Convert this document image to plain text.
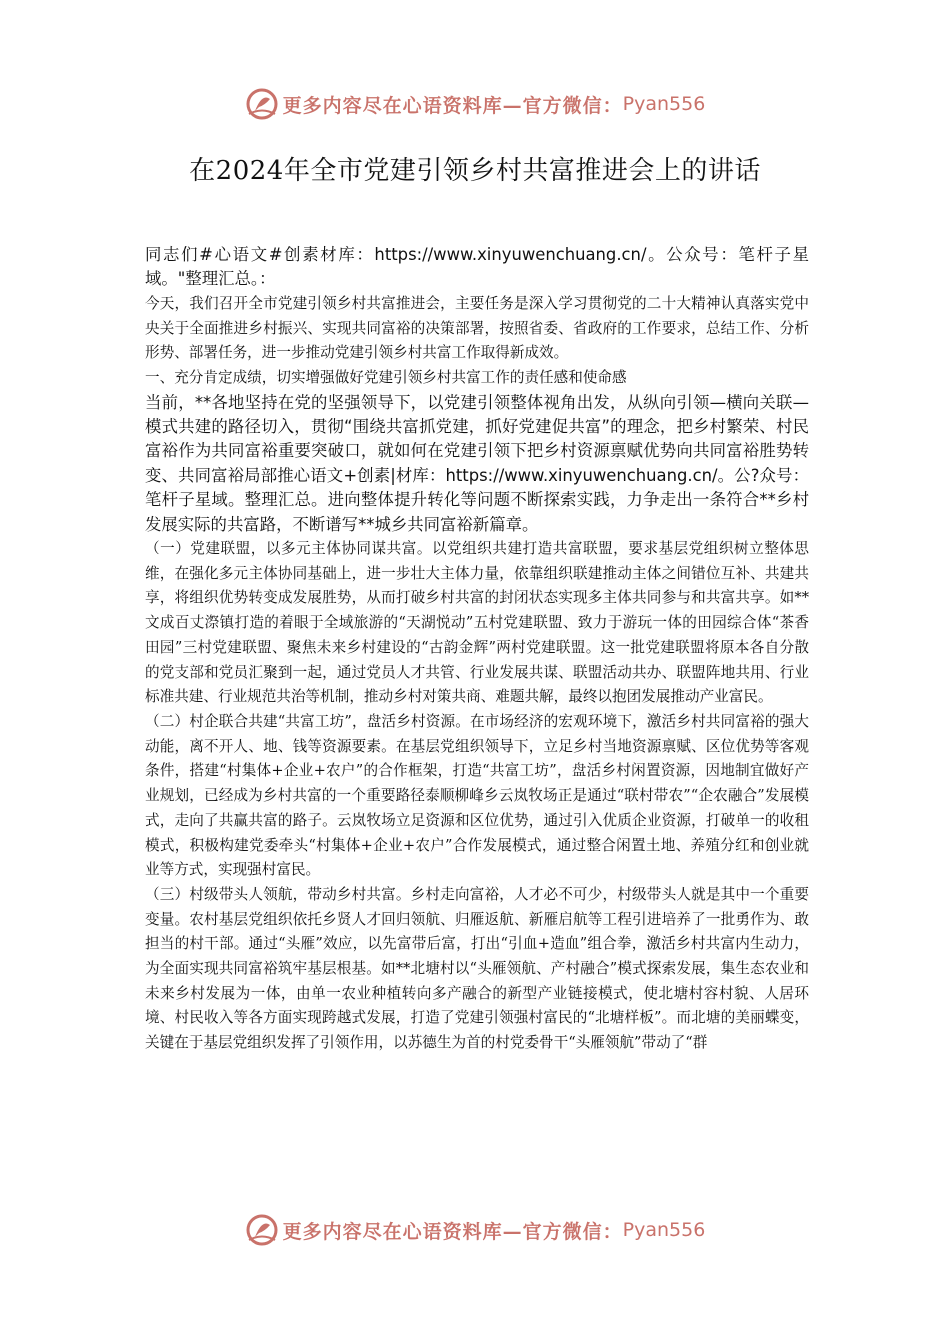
更多内容尽在心语资料库—官方微信： Pyan556
在2024年全市党建引领乡村共富推进会上的讲话

同志们#心语文#创素材库：https://www.xinyuwenchuang.cn/。公众号：笔杆子星域。"整理汇总。：

今天，我们召开全市党建引领乡村共富推进会，主要任务是深入学习贯彻党的二十大精神认真落实党中央关于全面推进乡村振兴、实现共同富裕的决策部署，按照省委、省政府的工作要求，总结工作、分析形势、部署任务，进一步推动党建引领乡村共富工作取得新成效。

一、充分肯定成绩，切实增强做好党建引领乡村共富工作的责任感和使命感

当前，**各地坚持在党的坚强领导下，以党建引领整体视角出发，从纵向引领—横向关联—模式共建的路径切入，贯彻“围绕共富抓党建，抓好党建促共富”的理念，把乡村繁荣、村民富裕作为共同富裕重要突破口，就如何在党建引领下把乡村资源禀赋优势向共同富裕胜势转变、共同富裕局部推心语文+创素|材库：https://www.xinyuwenchuang.cn/。公?众号：笔杆子星域。整理汇总。进向整体提升转化等问题不断探索实践，力争走出一条符合**乡村发展实际的共富路，不断谱写**城乡共同富裕新篇章。

（一）党建联盟，以多元主体协同谋共富。以党组织共建打造共富联盟，要求基层党组织树立整体思维，在强化多元主体协同基础上，进一步壮大主体力量，依靠组织联建推动主体之间错位互补、共建共享，将组织优势转变成发展胜势，从而打破乡村共富的封闭状态实现多主体共同参与和共富共享。如**文成百丈漈镇打造的着眼于全域旅游的“天湖悦动”五村党建联盟、致力于游玩一体的田园综合体“茶香田园”三村党建联盟、聚焦未来乡村建设的“古韵金辉”两村党建联盟。这一批党建联盟将原本各自分散的党支部和党员汇聚到一起，通过党员人才共管、行业发展共谋、联盟活动共办、联盟阵地共用、行业标准共建、行业规范共治等机制，推动乡村对策共商、难题共解，最终以抱团发展推动产业富民。

（二）村企联合共建“共富工坊”，盘活乡村资源。在市场经济的宏观环境下，激活乡村共同富裕的强大动能，离不开人、地、钱等资源要素。在基层党组织领导下，立足乡村当地资源禀赋、区位优势等客观条件，搭建“村集体+企业+农户”的合作框架，打造“共富工坊”，盘活乡村闲置资源，因地制宜做好产业规划，已经成为乡村共富的一个重要路径泰顺柳峰乡云岚牧场正是通过“联村带农”“企农融合”发展模式，走向了共赢共富的路子。云岚牧场立足资源和区位优势，通过引入优质企业资源，打破单一的收租模式，积极构建党委牵头“村集体+企业+农户”合作发展模式，通过整合闲置土地、养殖分红和创业就业等方式，实现强村富民。

（三）村级带头人领航，带动乡村共富。乡村走向富裕，人才必不可少，村级带头人就是其中一个重要变量。农村基层党组织依托乡贤人才回归领航、归雁返航、新雁启航等工程引进培养了一批勇作为、敢担当的村干部。通过“头雁”效应，以先富带后富，打出“引血+造血”组合拳，激活乡村共富内生动力，为全面实现共同富裕筑牢基层根基。如**北塘村以“头雁领航、产村融合”模式探索发展，集生态农业和未来乡村发展为一体，由单一农业种植转向多产融合的新型产业链接模式，使北塘村容村貌、人居环境、村民收入等各方面实现跨越式发展，打造了党建引领强村富民的“北塘样板”。而北塘的美丽蝶变，关键在于基层党组织发挥了引领作用，以苏德生为首的村党委骨干“头雁领航”带动了“群

更多内容尽在心语资料库—官方微信： Pyan556
